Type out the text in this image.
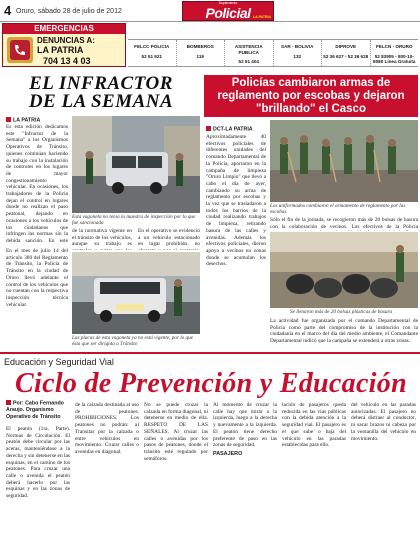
4 Oruro, sábado 28 de julio de 2012
Suplemento
Policial LA PATRIA
EMERGENCIAS
DENUNCIAS A:
LA PATRIA
704 13 4 03
FELCC POLICIA
52 51 921
BOMBEROS
119
ASISTENCIA PUBLICA
52 51 404
SAR - BOLIVIA
132
DIPROVE
52 36 627 - 52 36 628
FELCN - ORURO
52 83905 - 800-10-8080 Línea Gratuita
EL INFRACTOR
DE LA SEMANA
LA PATRIA
Es esta edición dedicamos este "Infractor de la Semana" a los Organismos Operativos de Tránsito, quienes continúan haciendo su trabajo con la instalación de controles en los lugares de mayor congestionamiento vehicular. En ocasiones, los trabajadores de la Policía dejan el control en lugares donde no realizan el paso peatonal, dejando en ocasiones a los vehículos de los ciudadanos que infringen las normas sin la debida sanción. En este
Esta vagoneta no tenía la muestra de inspección por lo que fue sancionada
de la normativa vigente en el tránsito de los vehículos, aunque su trabajo es
En el operativo se evidenció a un vehículo estacionado en lugar prohibido, no
Las placas de esta vagoneta ya no está vigente, por lo que ésta que ser dirigida a Tránsito
En el mes de julio 14 del artículo 380 del Reglamento de Tránsito, la Policía de Tránsito en la ciudad de Oruro llevó adelante el control de los vehículos que no cuentan con la respectiva inspección técnica vehicular.
Policías cambiaron armas de reglamento por escobas y dejaron "brillando" el Casco
DCT-LA PATRIA
Aproximadamente 40 efectivos policiales de diferentes unidades del comando Departamental de la Policía, aportaron en la campaña de limpieza "Oruro Limpio" que llevó a cabo el día de ayer, cambiando su arma de reglamento por escobas y la vez que se trasladaron a todos los barrios de la ciudad realizando trabajos de limpieza, retirando basura de las calles y avenidas. Además los efectivos policiales, dieron apoyo a vecinos en zonas donde se acumulan los desechos.
Los uniformados cambiaron el armamento de reglamento por las escobas
Sólo el fin de la jornada, se recogieron más de 20 bolsas de basura con la colaboración de vecinos. Los efectivos de la Policía
Se llenaron más de 20 bolsas plásticas de basura
La actividad fue organizada por el comando Departamental de Policía como parte del compromiso de la institución con la ciudadanía en el marco del día del medio ambiente, el Comandante Departamental indicó que la campaña se extenderá a otras zonas.
Educación y Seguridad Vial
Ciclo de Prevención y Educación
Por: Cabo Fernando Araujo. Organismo Operativo de Tránsito
El peatón (1ra. Parte). Normas de Circulación. El peatón debe circular por las aceras, manteniéndose a la derecha y sin detenerse en las esquinas, en el camino de los peatones. Para cruzar una calle o avenida el peatón deberá hacerlo por las esquinas y en las zonas de seguridad.
de la calzada destinada al uso de peatones. PROHIBICIONES. Los peatones no podrán: a) Transitar por la calzada o entre vehículos en movimiento. Cruzar calles o avenidas en diagonal.
No se puede cruzar la calzada en forma diagonal, ni detenerse en medio de ella. RESPETO DE LAS SEÑALES. Al cruzar las calles o avenidas por los pasos de peatones, donde el tránsito esté regulado por semáforos.
Al momento de cruzar la calle hay que mirar a la izquierda, luego a la derecha y nuevamente a la izquierda. El peatón tiene derecho preferente de paso en las zonas de seguridad.
PASAJERO
lación de pasajeros queda reducida en las vías públicas con la debida atención a la seguridad vial. El pasajero es el que sube o baja del vehículo en las paradas establecidas para ello.
del vehículo en las paradas autorizadas. El pasajero no deberá distraer al conductor, ni sacar brazos ni cabeza por la ventanilla del vehículo en movimiento.
